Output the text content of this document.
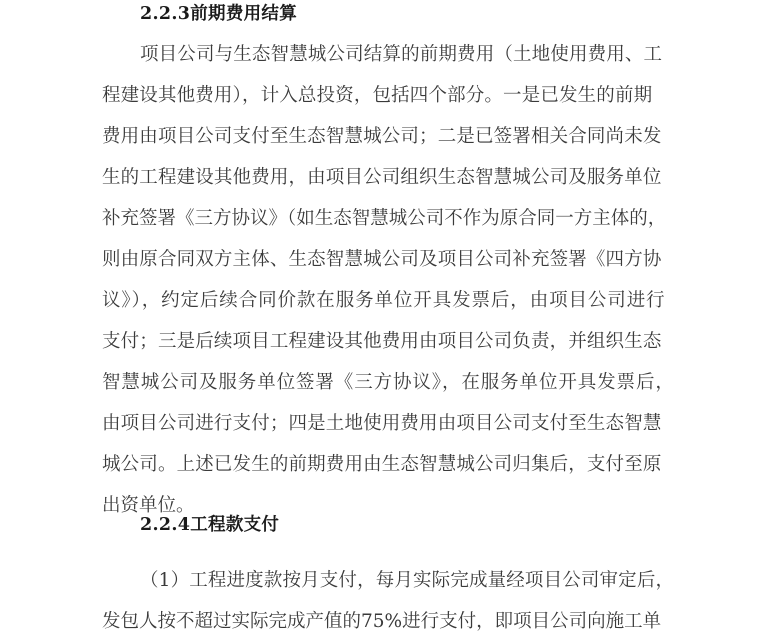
2.2.3前期费用结算
项目公司与生态智慧城公司结算的前期费用（土地使用费用、工
程建设其他费用），计入总投资，包括四个部分。一是已发生的前期
费用由项目公司支付至生态智慧城公司；二是已签署相关合同尚未发
生的工程建设其他费用，由项目公司组织生态智慧城公司及服务单位
补充签署《三方协议》（如生态智慧城公司不作为原合同一方主体的，
则由原合同双方主体、生态智慧城公司及项目公司补充签署《四方协
议》），约定后续合同价款在服务单位开具发票后，由项目公司进行
支付；三是后续项目工程建设其他费用由项目公司负责，并组织生态
智慧城公司及服务单位签署《三方协议》，在服务单位开具发票后，
由项目公司进行支付；四是土地使用费用由项目公司支付至生态智慧
城公司。上述已发生的前期费用由生态智慧城公司归集后，支付至原
出资单位。
2.2.4工程款支付
（1）工程进度款按月支付，每月实际完成量经项目公司审定后，
发包人按不超过实际完成产值的75%进行支付，即项目公司向施工单
